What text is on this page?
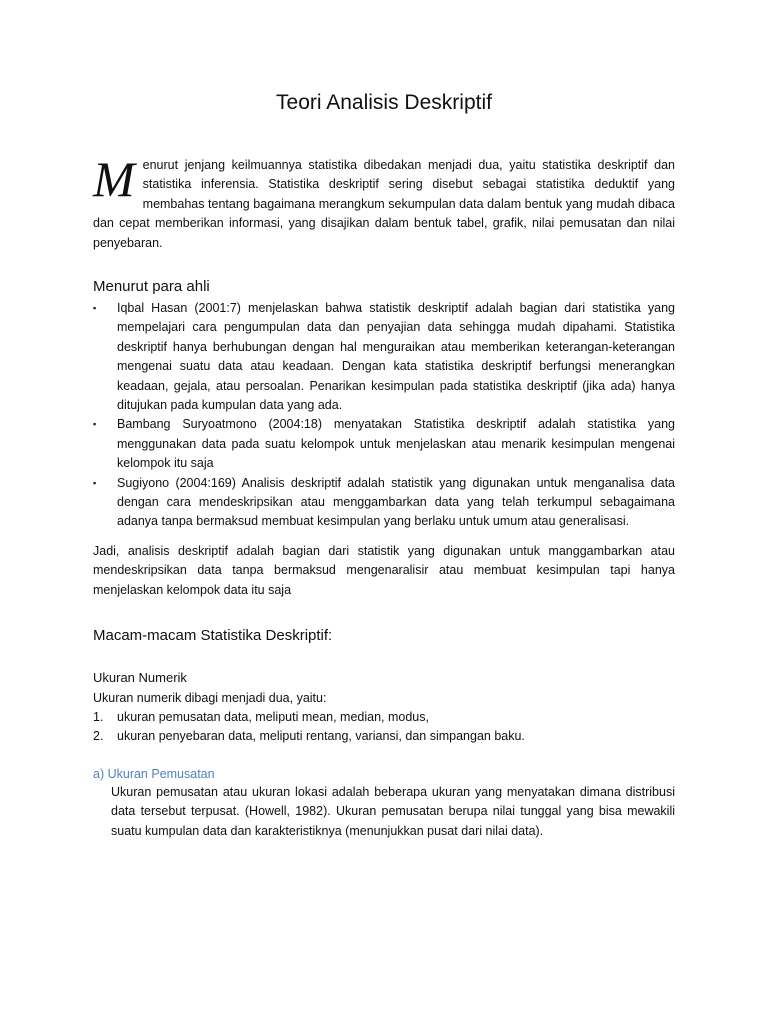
Teori Analisis Deskriptif
Menurut jenjang keilmuannya statistika dibedakan menjadi dua, yaitu statistika deskriptif dan statistika inferensia. Statistika deskriptif sering disebut sebagai statistika deduktif yang membahas tentang bagaimana merangkum sekumpulan data dalam bentuk yang mudah dibaca dan cepat memberikan informasi, yang disajikan dalam bentuk tabel, grafik, nilai pemusatan dan nilai penyebaran.
Menurut para ahli
▪ Iqbal Hasan (2001:7) menjelaskan bahwa statistik deskriptif adalah bagian dari statistika yang mempelajari cara pengumpulan data dan penyajian data sehingga mudah dipahami. Statistika deskriptif hanya berhubungan dengan hal menguraikan atau memberikan keterangan-keterangan mengenai suatu data atau keadaan. Dengan kata statistika deskriptif berfungsi menerangkan keadaan, gejala, atau persoalan. Penarikan kesimpulan pada statistika deskriptif (jika ada) hanya ditujukan pada kumpulan data yang ada.
▪ Bambang Suryoatmono (2004:18) menyatakan Statistika deskriptif adalah statistika yang menggunakan data pada suatu kelompok untuk menjelaskan atau menarik kesimpulan mengenai kelompok itu saja
▪ Sugiyono (2004:169) Analisis deskriptif adalah statistik yang digunakan untuk menganalisa data dengan cara mendeskripsikan atau menggambarkan data yang telah terkumpul sebagaimana adanya tanpa bermaksud membuat kesimpulan yang berlaku untuk umum atau generalisasi.
Jadi, analisis deskriptif adalah bagian dari statistik yang digunakan untuk manggambarkan atau mendeskripsikan data tanpa bermaksud mengenaralisir atau membuat kesimpulan tapi hanya menjelaskan kelompok data itu saja
Macam-macam Statistika Deskriptif:
Ukuran Numerik
Ukuran numerik dibagi menjadi dua, yaitu:
1. ukuran pemusatan data, meliputi mean, median, modus,
2. ukuran penyebaran data, meliputi rentang, variansi, dan simpangan baku.
a) Ukuran Pemusatan
Ukuran pemusatan atau ukuran lokasi adalah beberapa ukuran yang menyatakan dimana distribusi data tersebut terpusat. (Howell, 1982). Ukuran pemusatan berupa nilai tunggal yang bisa mewakili suatu kumpulan data dan karakteristiknya (menunjukkan pusat dari nilai data).
